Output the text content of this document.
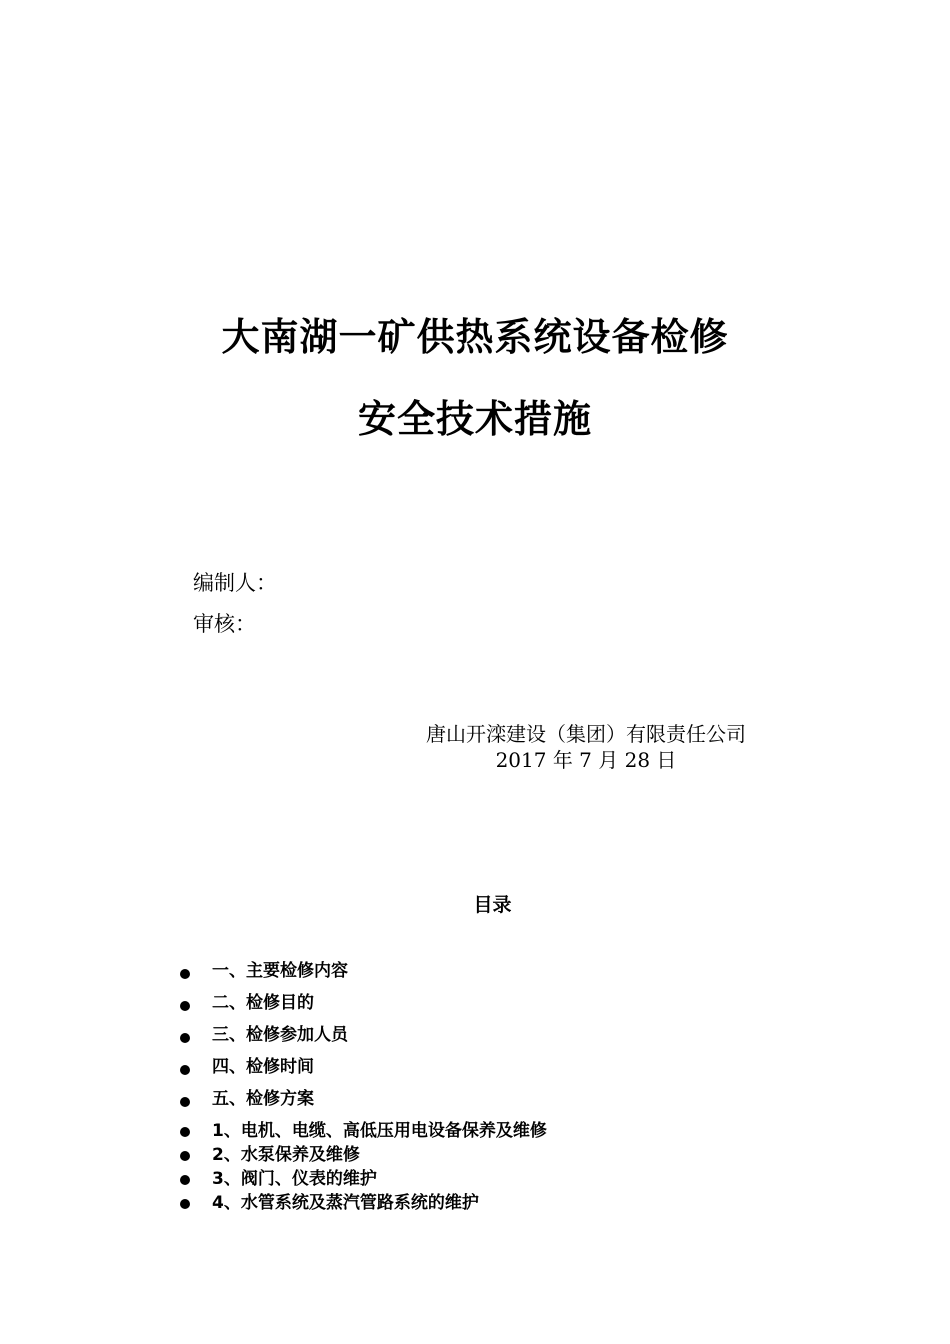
大南湖一矿供热系统设备检修
安全技术措施
编制人：
审核：
唐山开滦建设（集团）有限责任公司
2017 年 7 月 28 日
目录
一、主要检修内容
二、检修目的
三、检修参加人员
四、检修时间
五、检修方案
1、电机、电缆、高低压用电设备保养及维修
2、水泵保养及维修
3、阀门、仪表的维护
4、水管系统及蒸汽管路系统的维护
